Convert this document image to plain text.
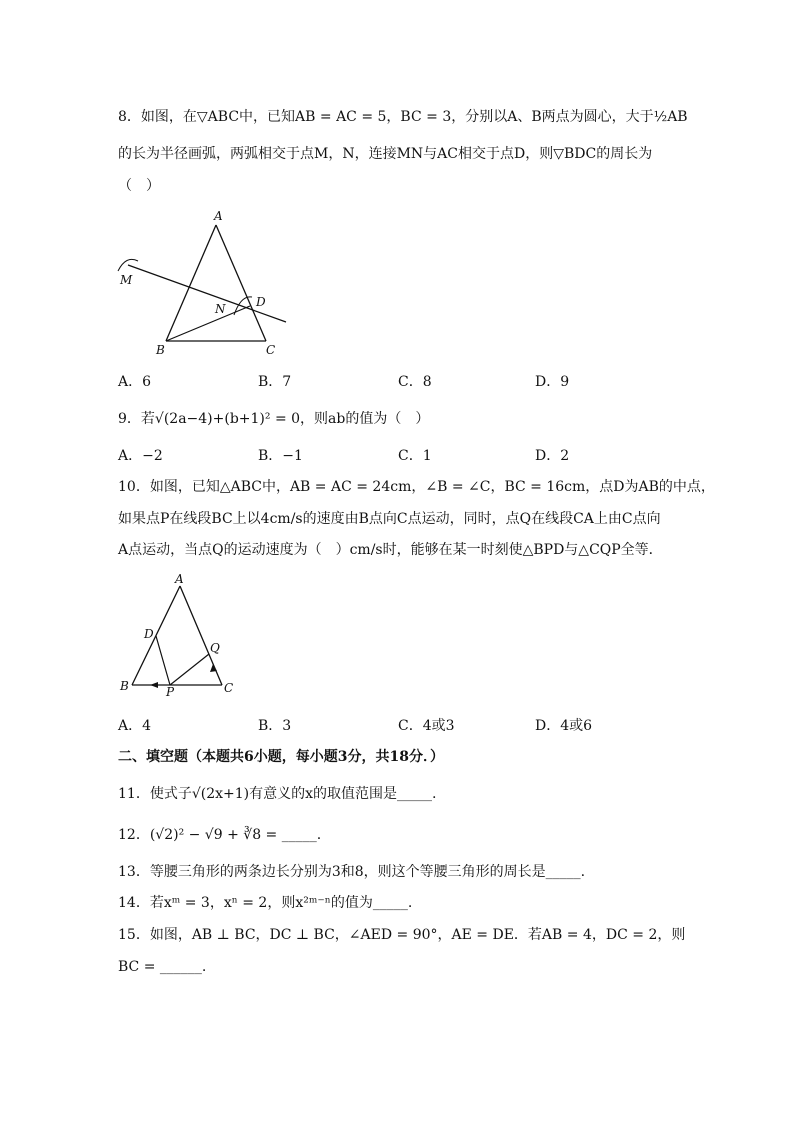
8．如图，在▽ABC中，已知AB = AC = 5，BC = 3，分别以A、B两点为圆心，大于½AB
的长为半径画弧，两弧相交于点M，N，连接MN与AC相交于点D，则▽BDC的周长为
（　）
A
M
N	D
B	C
A．6	B．7	C．8	D．9
9．若√(2a−4)+(b+1)² = 0，则ab的值为（　）
A．−2	B．−1	C．1	D．2
10．如图，已知△ABC中，AB = AC = 24cm，∠B = ∠C，BC = 16cm，点D为AB的中点，
如果点P在线段BC上以4cm/s的速度由B点向C点运动，同时，点Q在线段CA上由C点向
A点运动，当点Q的运动速度为（　）cm/s时，能够在某一时刻使△BPD与△CQP全等．
A
D
Q
B	P	C
A．4	B．3	C．4或3	D．4或6
二、填空题（本题共6小题，每小题3分，共18分．）
11．使式子√(2x+1)有意义的x的取值范围是_____.
12．(√2)² − √9 + ∛8 = _____.
13．等腰三角形的两条边长分别为3和8，则这个等腰三角形的周长是_____.
14．若xᵐ = 3，xⁿ = 2，则x²ᵐ⁻ⁿ的值为_____.
15．如图，AB ⊥ BC，DC ⊥ BC，∠AED = 90°，AE = DE．若AB = 4，DC = 2，则
BC = ______.
